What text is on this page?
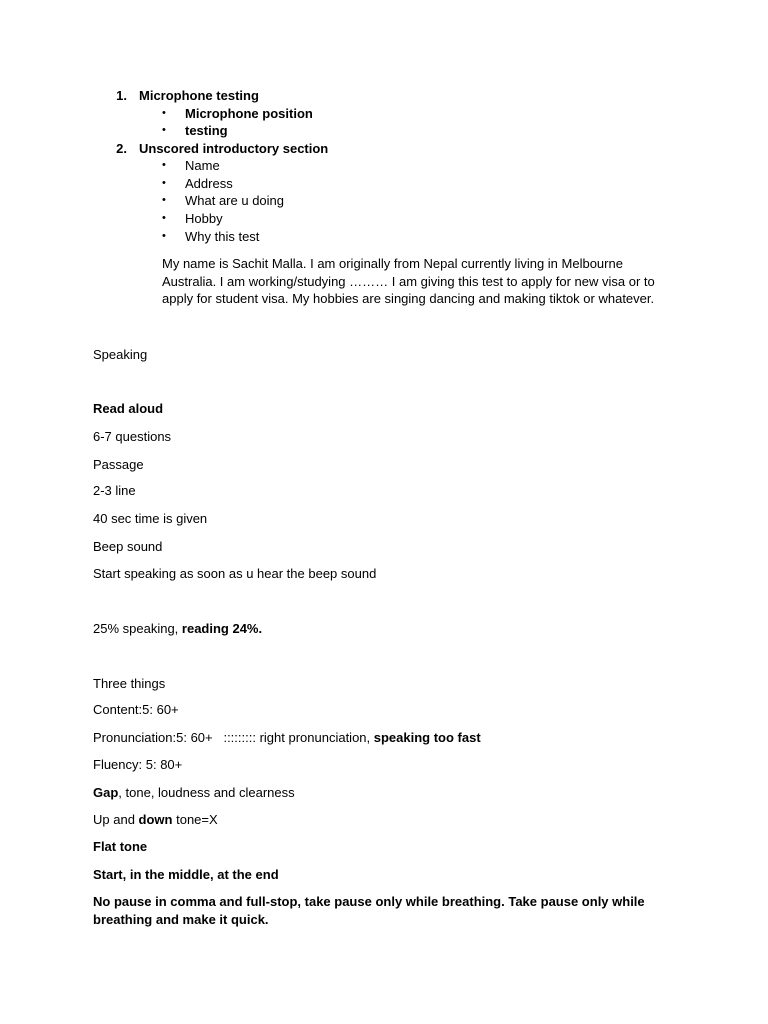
1. Microphone testing
• Microphone position
• testing
2. Unscored introductory section
• Name
• Address
• What are u doing
• Hobby
• Why this test
My name is Sachit Malla. I am originally from Nepal currently living in Melbourne Australia. I am working/studying ……… I am giving this test to apply for new visa or to apply for student visa. My hobbies are singing dancing and making tiktok or whatever.
Speaking
Read aloud
6-7 questions
Passage
2-3 line
40 sec time is given
Beep sound
Start speaking as soon as u hear the beep sound
25% speaking, reading 24%.
Three things
Content:5: 60+
Pronunciation:5: 60+   ::::::::: right pronunciation, speaking too fast
Fluency: 5: 80+
Gap, tone, loudness and clearness
Up and down tone=X
Flat tone
Start, in the middle, at the end
No pause in comma and full-stop, take pause only while breathing. Take pause only while breathing and make it quick.
